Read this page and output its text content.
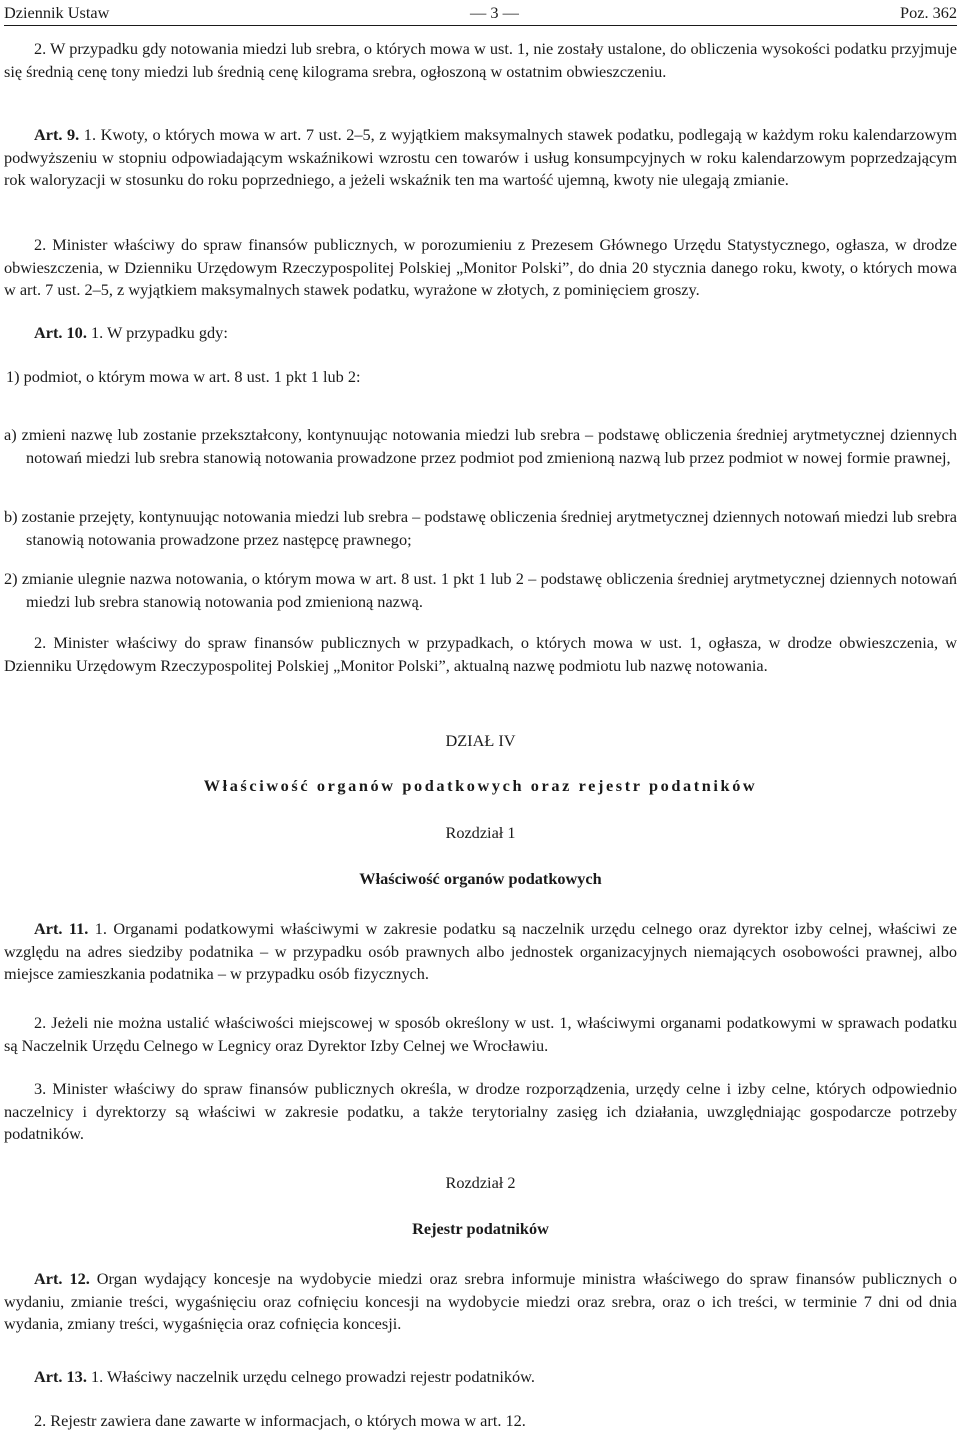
Dziennik Ustaw	— 3 —	Poz. 362

2. W przypadku gdy notowania miedzi lub srebra, o których mowa w ust. 1, nie zostały ustalone, do obliczenia wysokości podatku przyjmuje się średnią cenę tony miedzi lub średnią cenę kilograma srebra, ogłoszoną w ostatnim obwieszczeniu.

Art. 9. 1. Kwoty, o których mowa w art. 7 ust. 2–5, z wyjątkiem maksymalnych stawek podatku, podlegają w każdym roku kalendarzowym podwyższeniu w stopniu odpowiadającym wskaźnikowi wzrostu cen towarów i usług konsumpcyjnych w roku kalendarzowym poprzedzającym rok waloryzacji w stosunku do roku poprzedniego, a jeżeli wskaźnik ten ma wartość ujemną, kwoty nie ulegają zmianie.

2. Minister właściwy do spraw finansów publicznych, w porozumieniu z Prezesem Głównego Urzędu Statystycznego, ogłasza, w drodze obwieszczenia, w Dzienniku Urzędowym Rzeczypospolitej Polskiej „Monitor Polski”, do dnia 20 stycznia danego roku, kwoty, o których mowa w art. 7 ust. 2–5, z wyjątkiem maksymalnych stawek podatku, wyrażone w złotych, z pominięciem groszy.

Art. 10. 1. W przypadku gdy:

1) podmiot, o którym mowa w art. 8 ust. 1 pkt 1 lub 2:

a) zmieni nazwę lub zostanie przekształcony, kontynuując notowania miedzi lub srebra – podstawę obliczenia średniej arytmetycznej dziennych notowań miedzi lub srebra stanowią notowania prowadzone przez podmiot pod zmienioną nazwą lub przez podmiot w nowej formie prawnej,

b) zostanie przejęty, kontynuując notowania miedzi lub srebra – podstawę obliczenia średniej arytmetycznej dziennych notowań miedzi lub srebra stanowią notowania prowadzone przez następcę prawnego;

2) zmianie ulegnie nazwa notowania, o którym mowa w art. 8 ust. 1 pkt 1 lub 2 – podstawę obliczenia średniej arytmetycznej dziennych notowań miedzi lub srebra stanowią notowania pod zmienioną nazwą.

2. Minister właściwy do spraw finansów publicznych w przypadkach, o których mowa w ust. 1, ogłasza, w drodze obwieszczenia, w Dzienniku Urzędowym Rzeczypospolitej Polskiej „Monitor Polski”, aktualną nazwę podmiotu lub nazwę notowania.

DZIAŁ IV

Właściwość organów podatkowych oraz rejestr podatników

Rozdział 1

Właściwość organów podatkowych

Art. 11. 1. Organami podatkowymi właściwymi w zakresie podatku są naczelnik urzędu celnego oraz dyrektor izby celnej, właściwi ze względu na adres siedziby podatnika – w przypadku osób prawnych albo jednostek organizacyjnych niemających osobowości prawnej, albo miejsce zamieszkania podatnika – w przypadku osób fizycznych.

2. Jeżeli nie można ustalić właściwości miejscowej w sposób określony w ust. 1, właściwymi organami podatkowymi w sprawach podatku są Naczelnik Urzędu Celnego w Legnicy oraz Dyrektor Izby Celnej we Wrocławiu.

3. Minister właściwy do spraw finansów publicznych określa, w drodze rozporządzenia, urzędy celne i izby celne, których odpowiednio naczelnicy i dyrektorzy są właściwi w zakresie podatku, a także terytorialny zasięg ich działania, uwzględniając gospodarcze potrzeby podatników.

Rozdział 2

Rejestr podatników

Art. 12. Organ wydający koncesje na wydobycie miedzi oraz srebra informuje ministra właściwego do spraw finansów publicznych o wydaniu, zmianie treści, wygaśnięciu oraz cofnięciu koncesji na wydobycie miedzi oraz srebra, oraz o ich treści, w terminie 7 dni od dnia wydania, zmiany treści, wygaśnięcia oraz cofnięcia koncesji.

Art. 13. 1. Właściwy naczelnik urzędu celnego prowadzi rejestr podatników.

2. Rejestr zawiera dane zawarte w informacjach, o których mowa w art. 12.
